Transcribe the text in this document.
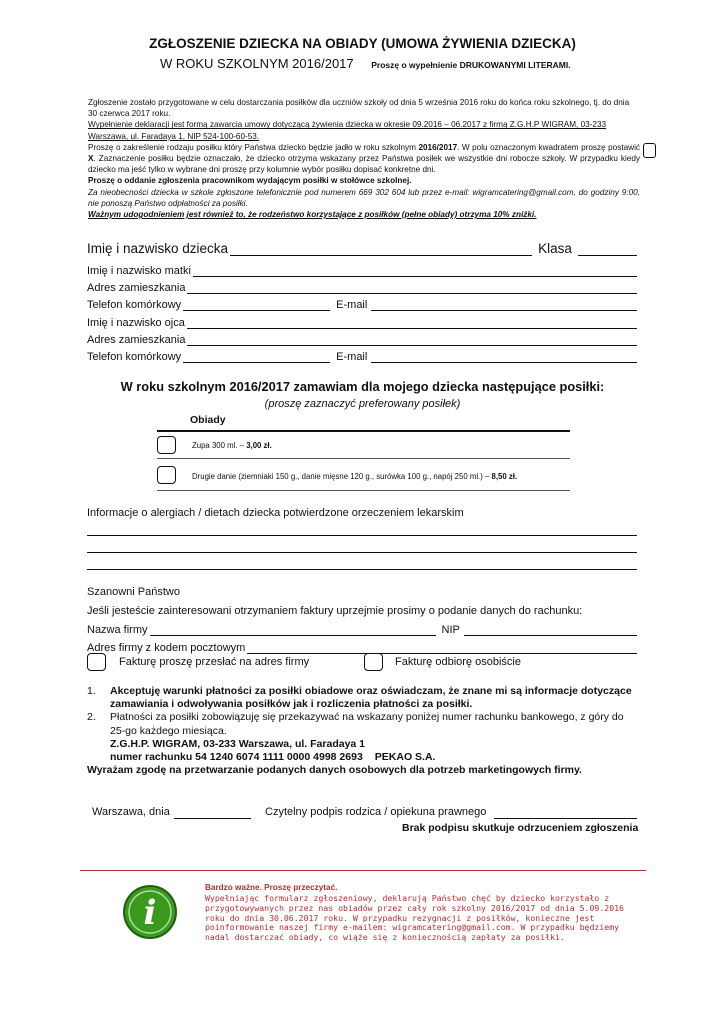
ZGŁOSZENIE DZIECKA NA OBIADY (UMOWA ŻYWIENIA DZIECKA)
W ROKU SZKOLNYM 2016/2017 Proszę o wypełnienie DRUKOWANYMI LITERAMI.

Zgłoszenie zostało przygotowane w celu dostarczania posiłków dla uczniów szkoły od dnia 5 września 2016 roku do końca roku szkolnego, tj. do dnia 30 czerwca 2017 roku.

Wypełnienie deklaracji jest formą zawarcia umowy dotyczącą żywienia dziecka w okresie 09.2016 – 06.2017 z firmą Z.G.H.P WIGRAM, 03-233 Warszawa, ul. Faradaya 1, NIP 524-100-60-53.

Proszę o zakreślenie rodzaju posiłku który Państwa dziecko będzie jadło w roku szkolnym 2016/2017. W polu oznaczonym kwadratem proszę postawić X. Zaznaczenie posiłku będzie oznaczało, że dziecko otrzyma wskazany przez Państwa posiłek we wszystkie dni robocze szkoły. W przypadku kiedy dziecko ma jeść tylko w wybrane dni proszę przy kolumnie wybór posiłku dopisać konkretne dni.

Proszę o oddanie zgłoszenia pracownikom wydającym posiłki w stołówce szkolnej.

Za nieobecności dziecka w szkole zgłoszone telefonicznie pod numerem 669 302 604 lub przez e-mail: wigramcatering@gmail.com, do godziny 9:00, nie ponoszą Państwo odpłatności za posiłki.

Ważnym udogodnieniem jest również to, że rodzeństwo korzystające z posiłków (pełne obiady) otrzyma 10% zniżki.

Imię i nazwisko dziecka	Klasa
Imię i nazwisko matki
Adres zamieszkania
Telefon komórkowy	E-mail
Imię i nazwisko ojca
Adres zamieszkania
Telefon komórkowy	E-mail
W roku szkolnym 2016/2017 zamawiam dla mojego dziecka następujące posiłki:
(proszę zaznaczyć preferowany posiłek)
Obiady
Zupa 300 ml. – 3,00 zł.
Drugie danie (ziemniaki 150 g., danie mięsne 120 g., surówka 100 g., napój 250 ml.) – 8,50 zł.
Informacje o alergiach / dietach dziecka potwierdzone orzeczeniem lekarskim
Szanowni Państwo
Jeśli jesteście zainteresowani otrzymaniem faktury uprzejmie prosimy o podanie danych do rachunku:
Nazwa firmy	NIP
Adres firmy z kodem pocztowym
Fakturę proszę przesłać na adres firmy	Fakturę odbiorę osobiście
1.	Akceptuję warunki płatności za posiłki obiadowe oraz oświadczam, że znane mi są informacje dotyczące zamawiania i odwoływania posiłków jak i rozliczenia płatności za posiłki.
2.	Płatności za posiłki zobowiązuję się przekazywać na wskazany poniżej numer rachunku bankowego, z góry do 25-go każdego miesiąca.
Z.G.H.P. WIGRAM, 03-233 Warszawa, ul. Faradaya 1
numer rachunku 54 1240 6074 1111 0000 4998 2693 PEKAO S.A.
Wyrażam zgodę na przetwarzanie podanych danych osobowych dla potrzeb marketingowych firmy.
Warszawa, dnia	Czytelny podpis rodzica / opiekuna prawnego
Brak podpisu skutkuje odrzuceniem zgłoszenia
i
Bardzo ważne. Proszę przeczytać.
Wypełniając formularz zgłoszeniowy, deklarują Państwo chęć by dziecko korzystało z przygotowywanych przez nas obiadów przez cały rok szkolny 2016/2017 od dnia 5.09.2016 roku do dnia 30.06.2017 roku. W przypadku rezygnacji z posiłków, konieczne jest poinformowanie naszej firmy e-mailem: wigramcatering@gmail.com. W przypadku będziemy nadal dostarczać obiady, co wiąże się z koniecznością zapłaty za posiłki.
